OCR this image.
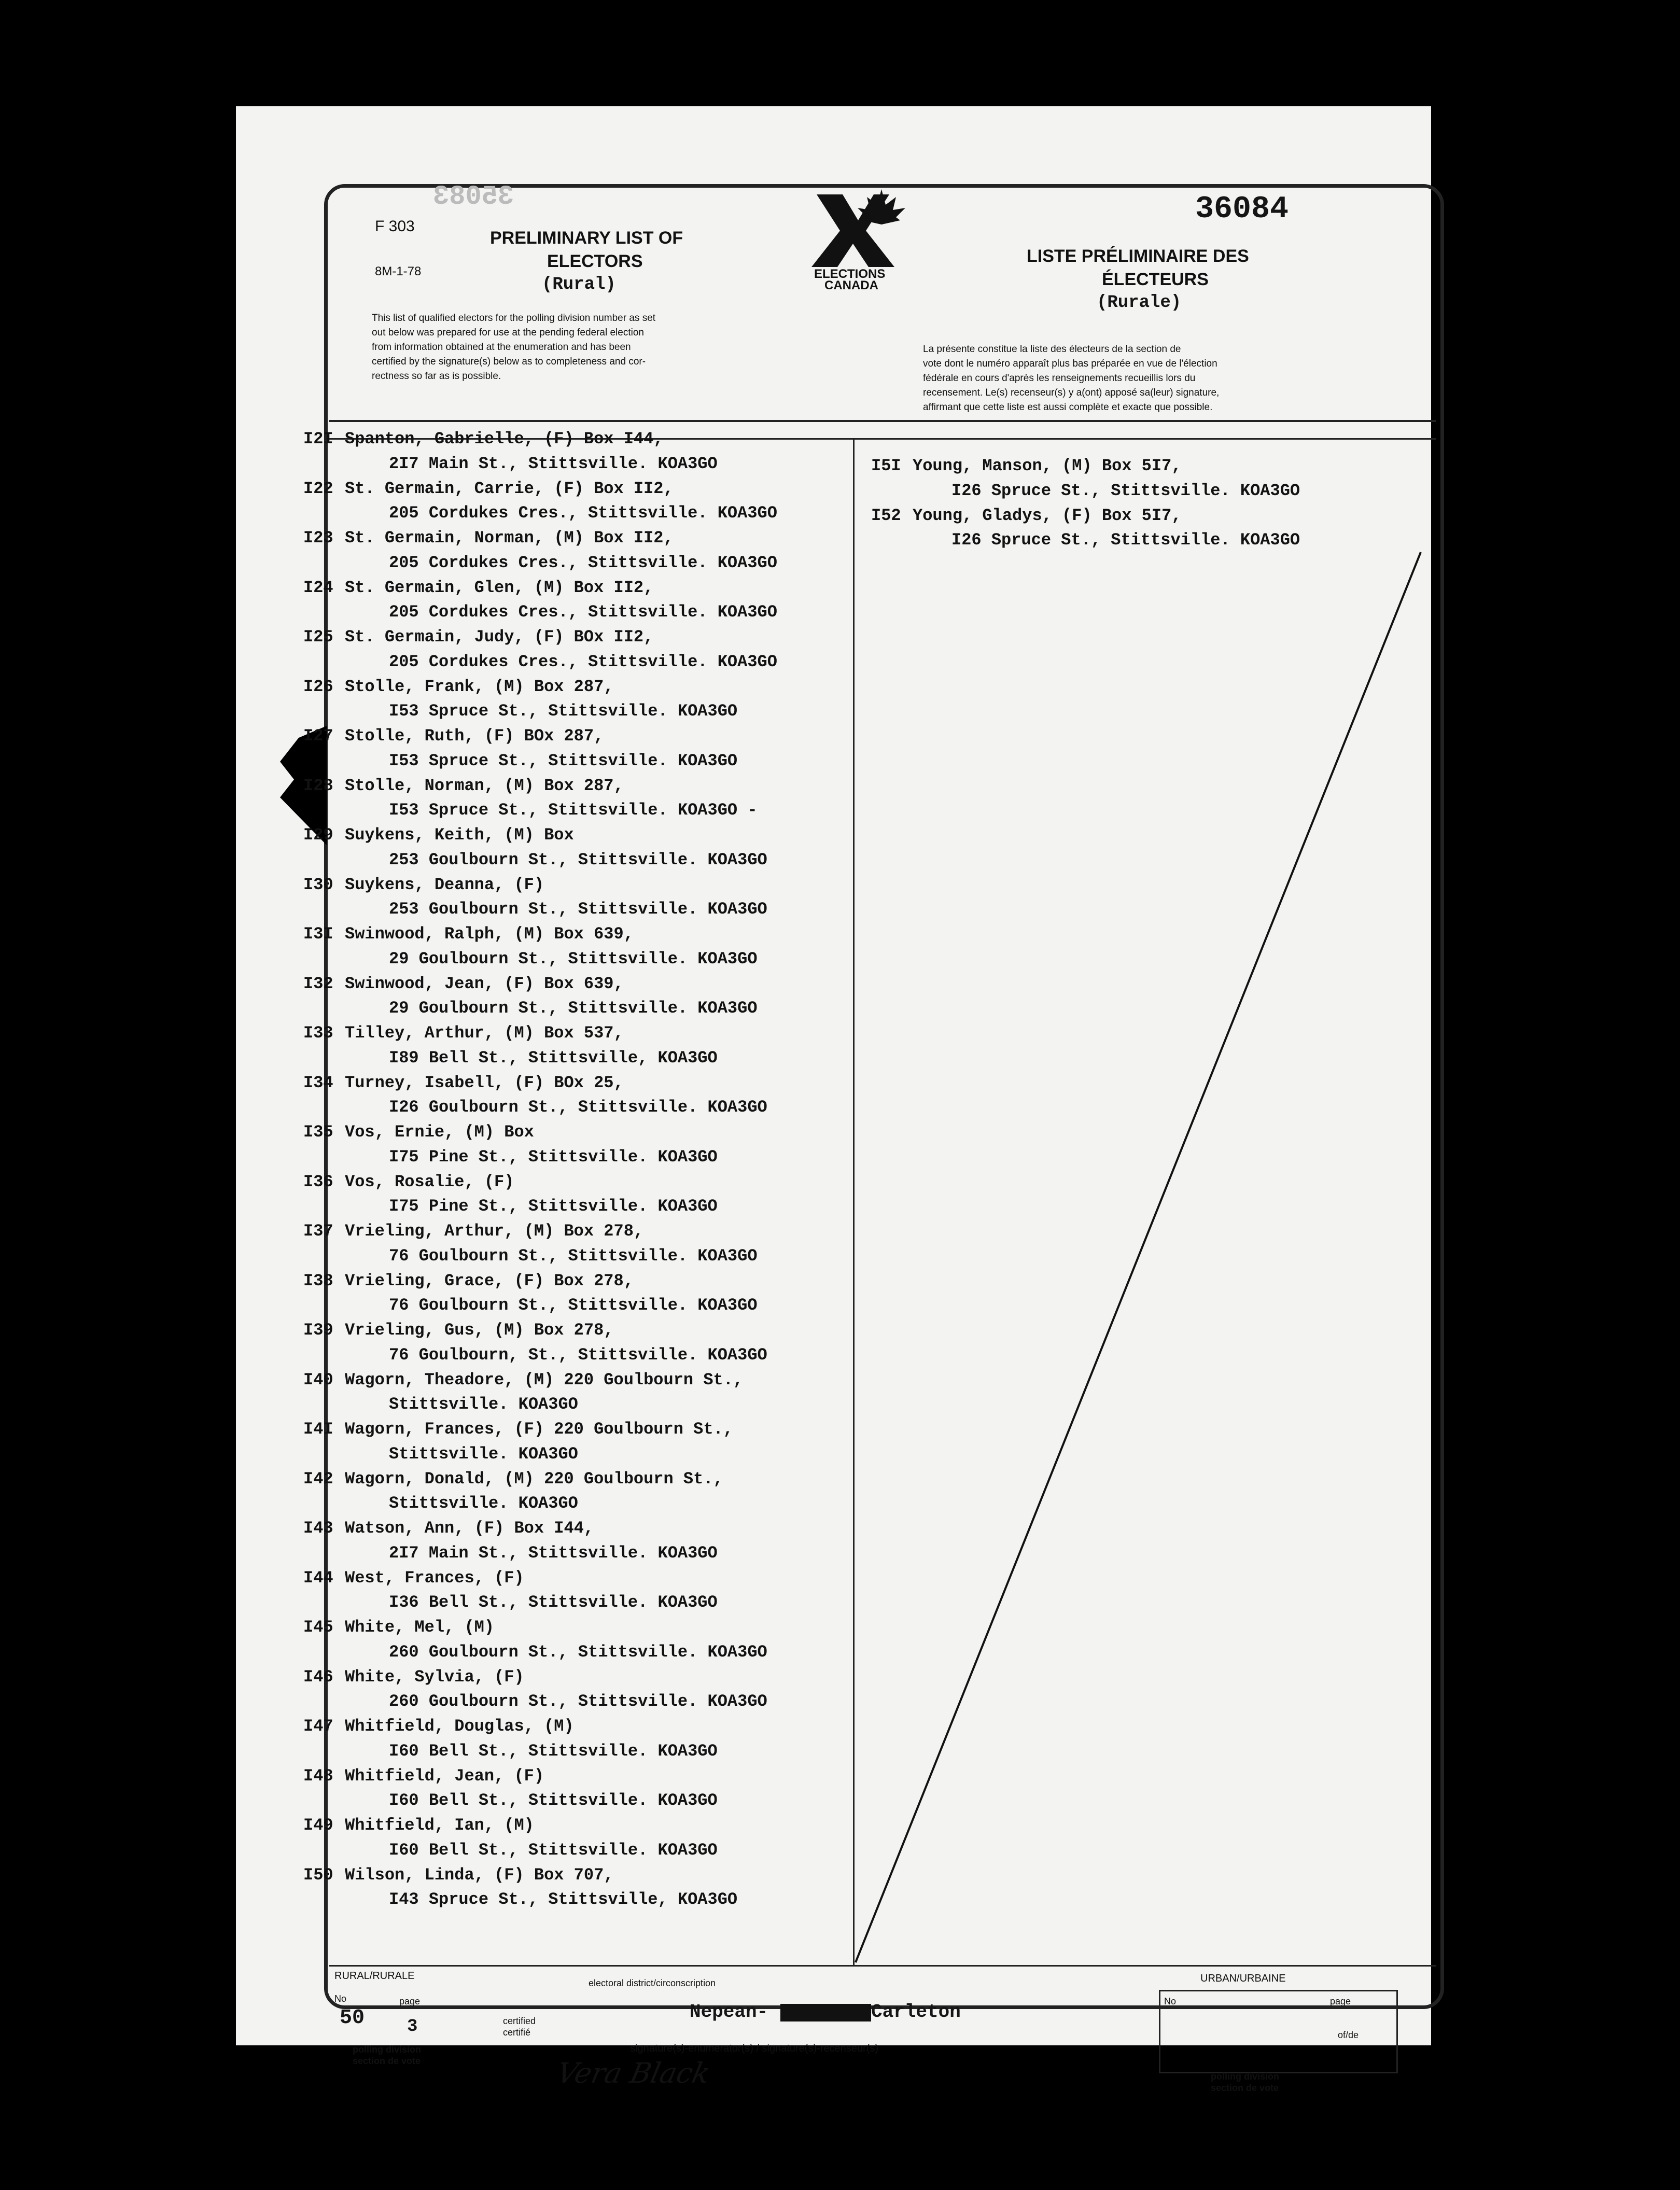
F 303
8M-1-78
35083	36084
PRELIMINARY LIST OF
ELECTORS
(Rural)
ELECTIONS
CANADA
LISTE PRÉLIMINAIRE DES
ÉLECTEURS
(Rurale)
This list of qualified electors for the polling division number as set
out below was prepared for use at the pending federal election
from information obtained at the enumeration and has been
certified by the signature(s) below as to completeness and cor-
rectness so far as is possible.
La présente constitue la liste des électeurs de la section de
vote dont le numéro apparaît plus bas préparée en vue de l'élection
fédérale en cours d'après les renseignements recueillis lors du
recensement. Le(s) recenseur(s) y a(ont) apposé sa(leur) signature,
affirmant que cette liste est aussi complète et exacte que possible.
RURAL/RURALE
electoral district/circonscription
No	page
50 3	certified
certifié
polling division
section de vote
Nepean-	Carleton
signature(s)-enumerator(s) / signature(s)-recenseur(s)
Vera Black
URBAN/URBAINE
No	page
of/de
polling division
section de vote
I2I Spanton, Gabrielle, (F) Box I44,
2I7 Main St., Stittsville. KOA3GO
I22 St. Germain, Carrie, (F) Box II2,
205 Cordukes Cres., Stittsville. KOA3GO
I23 St. Germain, Norman, (M) Box II2,
205 Cordukes Cres., Stittsville. KOA3GO
I24 St. Germain, Glen, (M) Box II2,
205 Cordukes Cres., Stittsville. KOA3GO
I25 St. Germain, Judy, (F) BOx II2,
205 Cordukes Cres., Stittsville. KOA3GO
I26 Stolle, Frank, (M) Box 287,
I53 Spruce St., Stittsville. KOA3GO
I27 Stolle, Ruth, (F) BOx 287,
I53 Spruce St., Stittsville. KOA3GO
I28 Stolle, Norman, (M) Box 287,
I53 Spruce St., Stittsville. KOA3GO -
I29 Suykens, Keith, (M) Box
253 Goulbourn St., Stittsville. KOA3GO
I30 Suykens, Deanna, (F)
253 Goulbourn St., Stittsville. KOA3GO
I3I Swinwood, Ralph, (M) Box 639,
29 Goulbourn St., Stittsville. KOA3GO
I32 Swinwood, Jean, (F) Box 639,
29 Goulbourn St., Stittsville. KOA3GO
I33 Tilley, Arthur, (M) Box 537,
I89 Bell St., Stittsville, KOA3GO
I34 Turney, Isabell, (F) BOx 25,
I26 Goulbourn St., Stittsville. KOA3GO
I35 Vos, Ernie, (M) Box
I75 Pine St., Stittsville. KOA3GO
I36 Vos, Rosalie, (F)
I75 Pine St., Stittsville. KOA3GO
I37 Vrieling, Arthur, (M) Box 278,
76 Goulbourn St., Stittsville. KOA3GO
I38 Vrieling, Grace, (F) Box 278,
76 Goulbourn St., Stittsville. KOA3GO
I39 Vrieling, Gus, (M) Box 278,
76 Goulbourn, St., Stittsville. KOA3GO
I40 Wagorn, Theadore, (M) 220 Goulbourn St.,
Stittsville. KOA3GO
I4I Wagorn, Frances, (F) 220 Goulbourn St.,
Stittsville. KOA3GO
I42 Wagorn, Donald, (M) 220 Goulbourn St.,
Stittsville. KOA3GO
I43 Watson, Ann, (F) Box I44,
2I7 Main St., Stittsville. KOA3GO
I44 West, Frances, (F)
I36 Bell St., Stittsville. KOA3GO
I45 White, Mel, (M)
260 Goulbourn St., Stittsville. KOA3GO
I46 White, Sylvia, (F)
260 Goulbourn St., Stittsville. KOA3GO
I47 Whitfield, Douglas, (M)
I60 Bell St., Stittsville. KOA3GO
I48 Whitfield, Jean, (F)
I60 Bell St., Stittsville. KOA3GO
I49 Whitfield, Ian, (M)
I60 Bell St., Stittsville. KOA3GO
I50 Wilson, Linda, (F) Box 707,
I43 Spruce St., Stittsville, KOA3GO
I5I Young, Manson, (M) Box 5I7,
I26 Spruce St., Stittsville. KOA3GO
I52 Young, Gladys, (F) Box 5I7,
I26 Spruce St., Stittsville. KOA3GO
